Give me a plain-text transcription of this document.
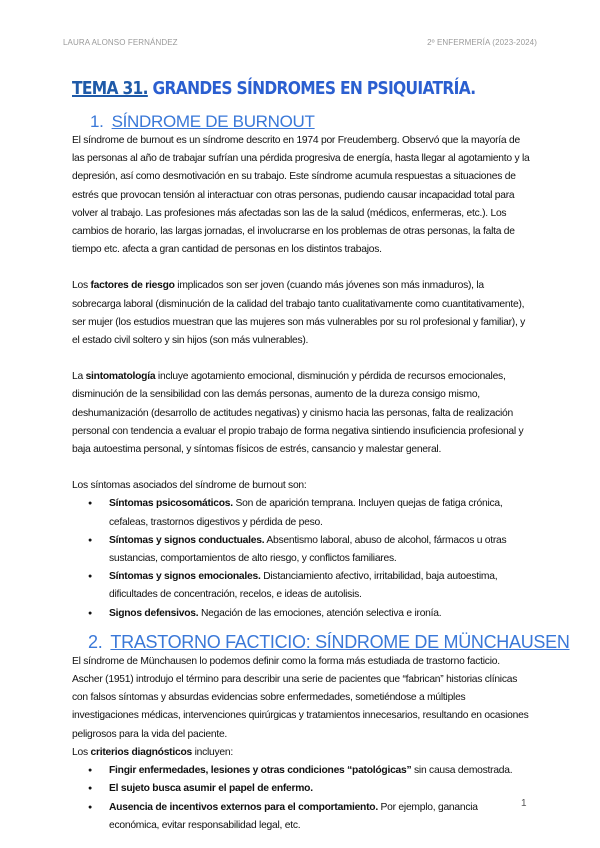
LAURA ALONSO FERNÁNDEZ	2º ENFERMERÍA (2023-2024)
TEMA 31. GRANDES SÍNDROMES EN PSIQUIATRÍA.
1. SÍNDROME DE BURNOUT

El síndrome de burnout es un síndrome descrito en 1974 por Freudemberg. Observó que la mayoría de las personas al año de trabajar sufrían una pérdida progresiva de energía, hasta llegar al agotamiento y la depresión, así como desmotivación en su trabajo. Este síndrome acumula respuestas a situaciones de estrés que provocan tensión al interactuar con otras personas, pudiendo causar incapacidad total para volver al trabajo. Las profesiones más afectadas son las de la salud (médicos, enfermeras, etc.). Los cambios de horario, las largas jornadas, el involucrarse en los problemas de otras personas, la falta de tiempo etc. afecta a gran cantidad de personas en los distintos trabajos.

Los factores de riesgo implicados son ser joven (cuando más jóvenes son más inmaduros), la sobrecarga laboral (disminución de la calidad del trabajo tanto cualitativamente como cuantitativamente), ser mujer (los estudios muestran que las mujeres son más vulnerables por su rol profesional y familiar), y el estado civil soltero y sin hijos (son más vulnerables).

La sintomatología incluye agotamiento emocional, disminución y pérdida de recursos emocionales, disminución de la sensibilidad con las demás personas, aumento de la dureza consigo mismo, deshumanización (desarrollo de actitudes negativas) y cinismo hacia las personas, falta de realización personal con tendencia a evaluar el propio trabajo de forma negativa sintiendo insuficiencia profesional y baja autoestima personal, y síntomas físicos de estrés, cansancio y malestar general.

Los síntomas asociados del síndrome de burnout son:

● Síntomas psicosomáticos. Son de aparición temprana. Incluyen quejas de fatiga crónica, cefaleas, trastornos digestivos y pérdida de peso.
● Síntomas y signos conductuales. Absentismo laboral, abuso de alcohol, fármacos u otras sustancias, comportamientos de alto riesgo, y conflictos familiares.
● Síntomas y signos emocionales. Distanciamiento afectivo, irritabilidad, baja autoestima, dificultades de concentración, recelos, e ideas de autolisis.
● Signos defensivos. Negación de las emociones, atención selectiva e ironía.
2. TRASTORNO FACTICIO: SÍNDROME DE MÜNCHAUSEN

El síndrome de Münchausen lo podemos definir como la forma más estudiada de trastorno facticio. Ascher (1951) introdujo el término para describir una serie de pacientes que “fabrican” historias clínicas con falsos síntomas y absurdas evidencias sobre enfermedades, sometiéndose a múltiples investigaciones médicas, intervenciones quirúrgicas y tratamientos innecesarios, resultando en ocasiones peligrosos para la vida del paciente.

Los criterios diagnósticos incluyen:

● Fingir enfermedades, lesiones y otras condiciones “patológicas” sin causa demostrada.
● El sujeto busca asumir el papel de enfermo.
● Ausencia de incentivos externos para el comportamiento. Por ejemplo, ganancia económica, evitar responsabilidad legal, etc.
1
